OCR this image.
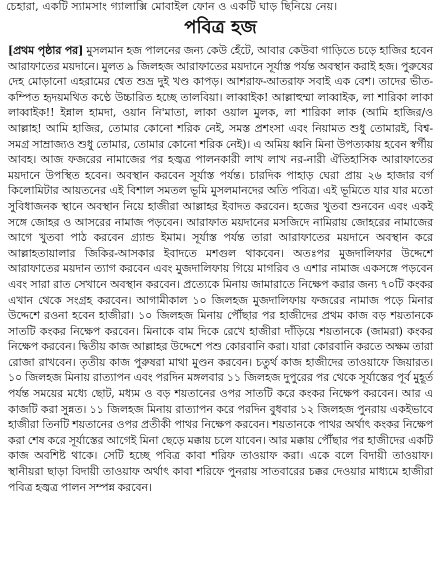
চেহারা, একটি স্যামসাং গ্যালাক্সি মোবাইল ফোন ও একটি ঘাড় ছিনিয়ে নেয়।
পবিত্র হজ

[প্রথম পৃষ্ঠার পর] মুসলমান হজ পালনের জন্য কেউ হেঁটে, আবার কেউবা গাড়িতে চড়ে হাজির হবেন আরাফাতের ময়দানে। মুলত ৯ জিলহজ আরাফাতের ময়দানে সূর্যাস্ত পর্যন্ত অবস্থান করাই হজ। পুরুষের দেহ মোড়ানো এহরামের শ্বেত শুভ্র দুই খণ্ড কাপড়। আশরাফ-আতরাফ সবাই এক বেশ। তাদের ভীত-কম্পিত হৃদয়মথিত কণ্ঠে উচ্চারিত হচ্ছে তালবিয়া। লাব্বাইক! আল্লাহুম্মা লাব্বাইক, লা শারিকা লাকা লাব্বাইক!! ইন্নাল হামদা, ওয়ান নি'মাতা, লাকা ওয়াল মুলক, লা শারিকা লাক (আমি হাজির/ও আল্লাহ! আমি হাজির, তোমার কোনো শরিক নেই, সমস্ত প্রশংসা এবং নিয়ামত শুধু তোমারই, বিশ্ব-সমগ্র সাম্রাজ্যও শুধু তোমার, তোমার কোনো শরিক নেই)। এ অমিয় ধ্বনি মিনা উপত্যকায় হবেন স্বর্গীয় আবহ। আজ ফজরের নামাজের পর হজ্বত্র পালনকারী লাখ লাখ নর-নারী ঐতিহাসিক আরাফাতের ময়দানে উপস্থিত হবেন। অবস্থান করবেন সূর্যাস্ত পর্যন্ত। চারদিক পাহাড় ঘেরা প্রায় ২৬ হাজার বর্গ কিলোমিটার আয়তনের এই বিশাল সমতল ভূমি মুসলমানদের অতি পবিত্র। এই ভূমিতে যার যার মতো সুবিধাজনক স্থানে অবস্থান নিয়ে হাজীরা আল্লাহর ইবাদত করবেন। হজের খুতবা শুনবেন এবং একই সঙ্গে জোহর ও আসরের নামাজ পড়বেন। আরাফাত ময়দানের মসজিদে নামিরায় জোহরের নামাজের আগে খুতবা পাঠ করবেন গ্র্যান্ড ইমাম। সূর্যাস্ত পর্যন্ত তারা আরাফাতের ময়দানে অবস্থান করে আল্লাহতায়ালার জিকির-আসকার ইবাদতে মশগুল থাকবেন। অতঃপর মুজদালিফার উদ্দেশে আরাফাতের ময়দান ত্যাগ করবেন এবং মুজদালিফায় গিয়ে মাগরিব ও এশার নামাজ একসঙ্গে পড়বেন এবং সারা রাত সেখানে অবস্থান করবেন। প্রত্যেকে মিনায় জামারাতে নিক্ষেপ করার জন্য ৭০টি কংকর এখান থেকে সংগ্রহ করবেন। আগামীকাল ১০ জিলহজ মুজদালিফায় ফজরের নামাজ পড়ে মিনার উদ্দেশে রওনা হবেন হাজীরা। ১০ জিলহজ মিনায় পৌঁছার পর হাজীদের প্রথম কাজ বড় শয়তানকে সাতটি কংকর নিক্ষেপ করবেন। মিনাকে বাম দিকে রেখে হাজীরা দাঁড়িয়ে শয়তানকে (জামরা) কংকর নিক্ষেপ করবেন। দ্বিতীয় কাজ আল্লাহর উদ্দেশে পশু কোরবানি করা। যারা কোরবানি করতে অক্ষম তারা রোজা রাখবেন। তৃতীয় কাজ পুরুষরা মাথা মুণ্ডন করবেন। চতুর্থ কাজ হাজীদের তাওয়াফে জিয়ারত। ১০ জিলহজ মিনায় রাত্যাপন এবং পরদিন মঙ্গলবার ১১ জিলহজ দুপুরের পর থেকে সূর্যাস্তের পূর্ব মুহূর্ত পর্যন্ত সময়ের মধ্যে ছোট, মধ্যম ও বড় শয়তানের ওপর সাতটি করে কংকর নিক্ষেপ করবেন। আর এ কাজটি করা সুন্নত। ১১ জিলহজ মিনায় রাত্যাপন করে পরদিন বুধবার ১২ জিলহজ পুনরায় একইভাবে হাজীরা তিনটি শয়তানের ওপর প্রতীকী পাথর নিক্ষেপ করবেন। শয়তানকে পাথর অর্থাৎ কংকর নিক্ষেপ করা শেষ করে সূর্যাস্তের আগেই মিনা ছেড়ে মক্কায় চলে যাবেন। আর মক্কায় পৌঁছার পর হাজীদের একটি কাজ অবশিষ্ট থাকে। সেটি হচ্ছে পবিত্র কাবা শরিফ তাওয়াফ করা। একে বলে বিদায়ী তাওয়াফ। স্থানীয়রা ছাড়া বিদায়ী তাওয়াফ অর্থাৎ কাবা শরিফে পুনরায় সাতবারের চক্কর দেওয়ার মাধ্যমে হাজীরা পবিত্র হজ্বত্র পালন সম্পন্ন করবেন।
